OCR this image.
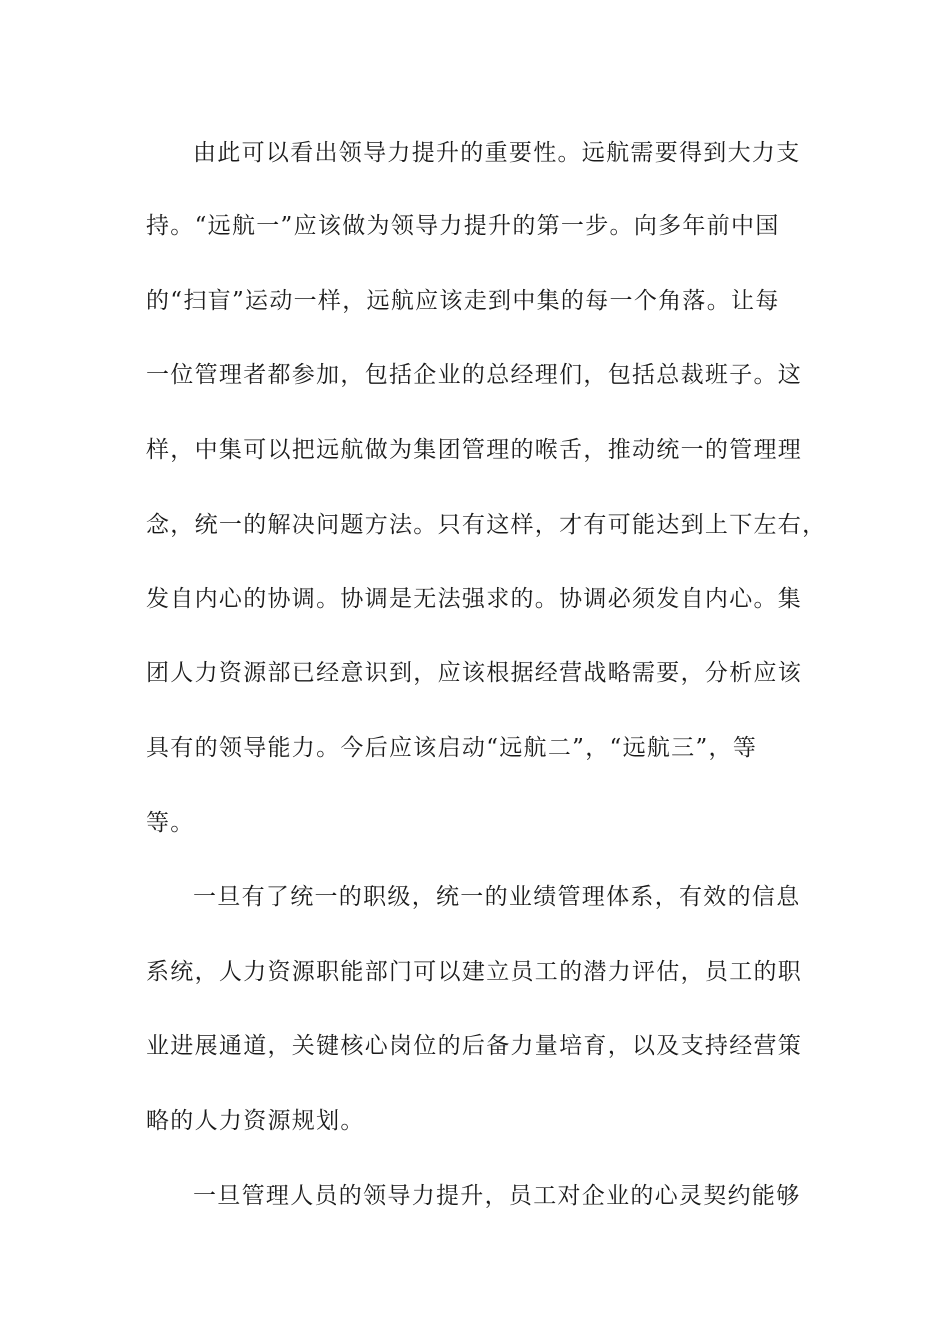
由此可以看出领导力提升的重要性。远航需要得到大力支
持。“远航一”应该做为领导力提升的第一步。向多年前中国
的“扫盲”运动一样，远航应该走到中集的每一个角落。让每
一位管理者都参加，包括企业的总经理们，包括总裁班子。这
样，中集可以把远航做为集团管理的喉舌，推动统一的管理理
念，统一的解决问题方法。只有这样，才有可能达到上下左右，
发自内心的协调。协调是无法强求的。协调必须发自内心。集
团人力资源部已经意识到，应该根据经营战略需要，分析应该
具有的领导能力。今后应该启动“远航二”，“远航三”，等
等。
一旦有了统一的职级，统一的业绩管理体系，有效的信息
系统，人力资源职能部门可以建立员工的潜力评估，员工的职
业进展通道，关键核心岗位的后备力量培育，以及支持经营策
略的人力资源规划。
一旦管理人员的领导力提升，员工对企业的心灵契约能够
